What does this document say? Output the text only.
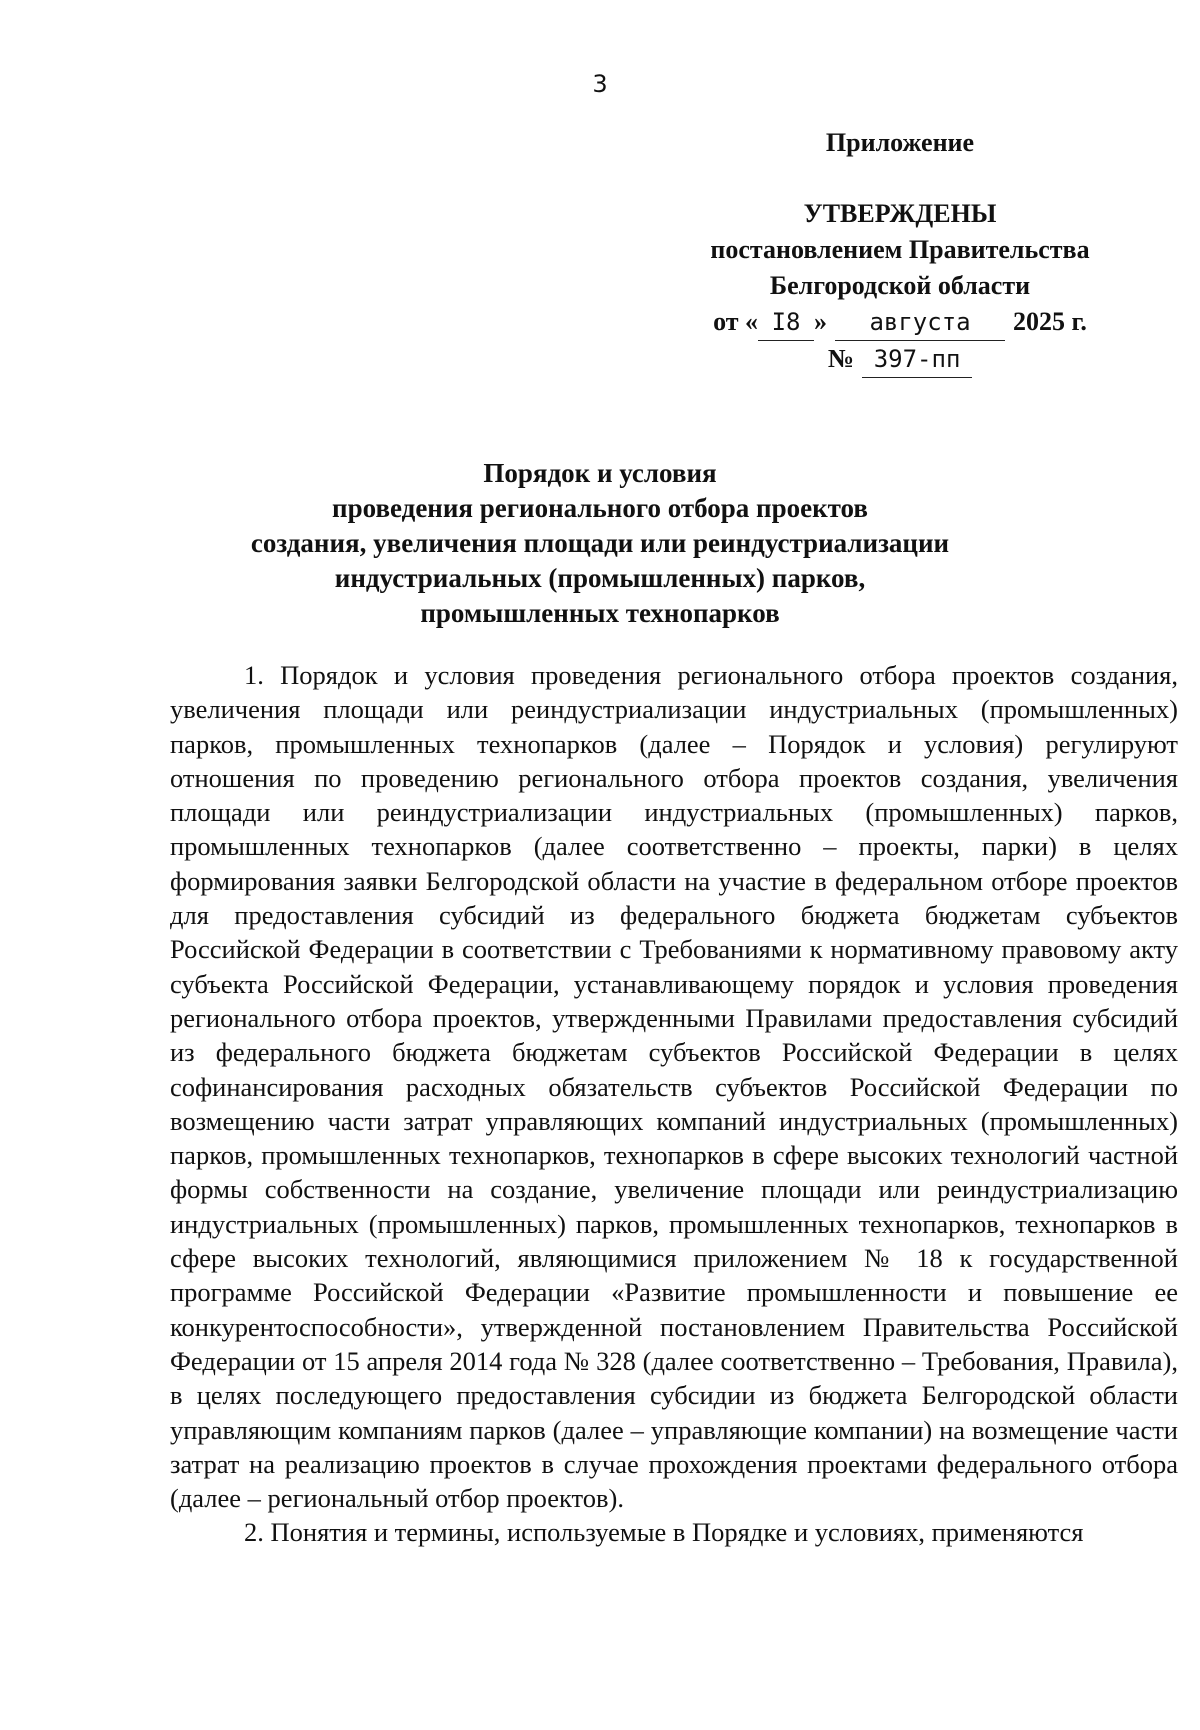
3
Приложение
УТВЕРЖДЕНЫ
постановлением Правительства
Белгородской области
от « I8 » августа 2025 г.
№ 397-пп
Порядок и условия
проведения регионального отбора проектов
создания, увеличения площади или реиндустриализации
индустриальных (промышленных) парков,
промышленных технопарков

1. Порядок и условия проведения регионального отбора проектов создания, увеличения площади или реиндустриализации индустриальных (промышленных) парков, промышленных технопарков (далее – Порядок и условия) регулируют отношения по проведению регионального отбора проектов создания, увеличения площади или реиндустриализации индустриальных (промышленных) парков, промышленных технопарков (далее соответственно – проекты, парки) в целях формирования заявки Белгородской области на участие в федеральном отборе проектов для предоставления субсидий из федерального бюджета бюджетам субъектов Российской Федерации в соответствии с Требованиями к нормативному правовому акту субъекта Российской Федерации, устанавливающему порядок и условия проведения регионального отбора проектов, утвержденными Правилами предоставления субсидий из федерального бюджета бюджетам субъектов Российской Федерации в целях софинансирования расходных обязательств субъектов Российской Федерации по возмещению части затрат управляющих компаний индустриальных (промышленных) парков, промышленных технопарков, технопарков в сфере высоких технологий частной формы собственности на создание, увеличение площади или реиндустриализацию индустриальных (промышленных) парков, промышленных технопарков, технопарков в сфере высоких технологий, являющимися приложением № 18 к государственной программе Российской Федерации «Развитие промышленности и повышение ее конкурентоспособности», утвержденной постановлением Правительства Российской Федерации от 15 апреля 2014 года № 328 (далее соответственно – Требования, Правила), в целях последующего предоставления субсидии из бюджета Белгородской области управляющим компаниям парков (далее – управляющие компании) на возмещение части затрат на реализацию проектов в случае прохождения проектами федерального отбора (далее – региональный отбор проектов).

2. Понятия и термины, используемые в Порядке и условиях, применяются
